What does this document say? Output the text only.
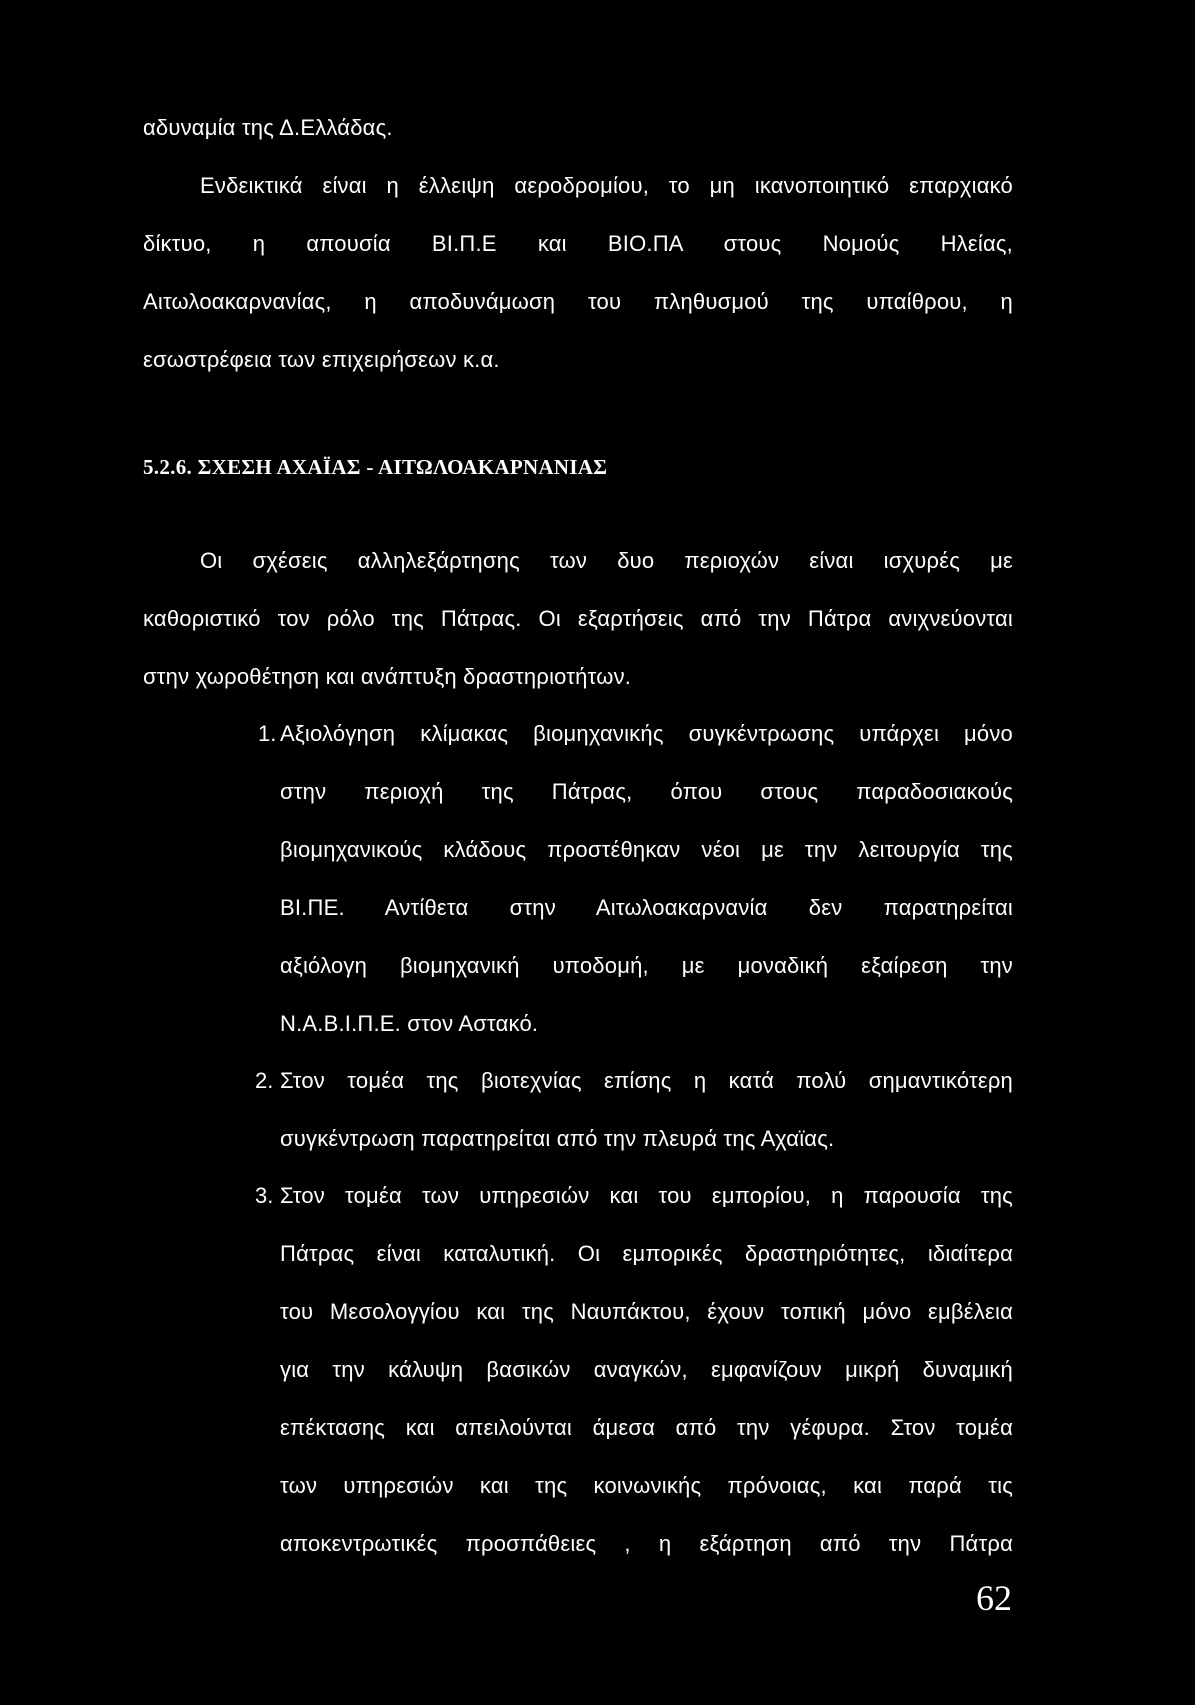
αδυναμία της Δ.Ελλάδας.
Ενδεικτικά είναι η έλλειψη αεροδρομίου, το μη ικανοποιητικό επαρχιακό
δίκτυο, η απουσία ΒΙ.Π.Ε και ΒΙΟ.ΠΑ στους Νομούς Ηλείας,
Αιτωλοακαρνανίας, η αποδυνάμωση του πληθυσμού της υπαίθρου, η
εσωστρέφεια των επιχειρήσεων κ.α.
5.2.6. ΣΧΕΣΗ ΑΧΑΪΑΣ - ΑΙΤΩΛΟΑΚΑΡΝΑΝΙΑΣ
Οι σχέσεις αλληλεξάρτησης των δυο περιοχών είναι ισχυρές με
καθοριστικό τον ρόλο της Πάτρας. Οι εξαρτήσεις από την Πάτρα ανιχνεύονται
στην χωροθέτηση και ανάπτυξη δραστηριοτήτων.
1. Αξιολόγηση κλίμακας βιομηχανικής συγκέντρωσης υπάρχει μόνο
στην περιοχή της Πάτρας, όπου στους παραδοσιακούς
βιομηχανικούς κλάδους προστέθηκαν νέοι με την λειτουργία της
ΒΙ.ΠΕ. Αντίθετα στην Αιτωλοακαρνανία δεν παρατηρείται
αξιόλογη βιομηχανική υποδομή, με μοναδική εξαίρεση την
Ν.Α.Β.Ι.Π.Ε. στον Αστακό.
2. Στον τομέα της βιοτεχνίας επίσης η κατά πολύ σημαντικότερη
συγκέντρωση παρατηρείται από την πλευρά της Αχαϊας.
3. Στον τομέα των υπηρεσιών και του εμπορίου, η παρουσία της
Πάτρας είναι καταλυτική. Οι εμπορικές δραστηριότητες, ιδιαίτερα
του Μεσολογγίου και της Ναυπάκτου, έχουν τοπική μόνο εμβέλεια
για την κάλυψη βασικών αναγκών, εμφανίζουν μικρή δυναμική
επέκτασης και απειλούνται άμεσα από την γέφυρα. Στον τομέα
των υπηρεσιών και της κοινωνικής πρόνοιας, και παρά τις
αποκεντρωτικές προσπάθειες , η εξάρτηση από την Πάτρα
62
